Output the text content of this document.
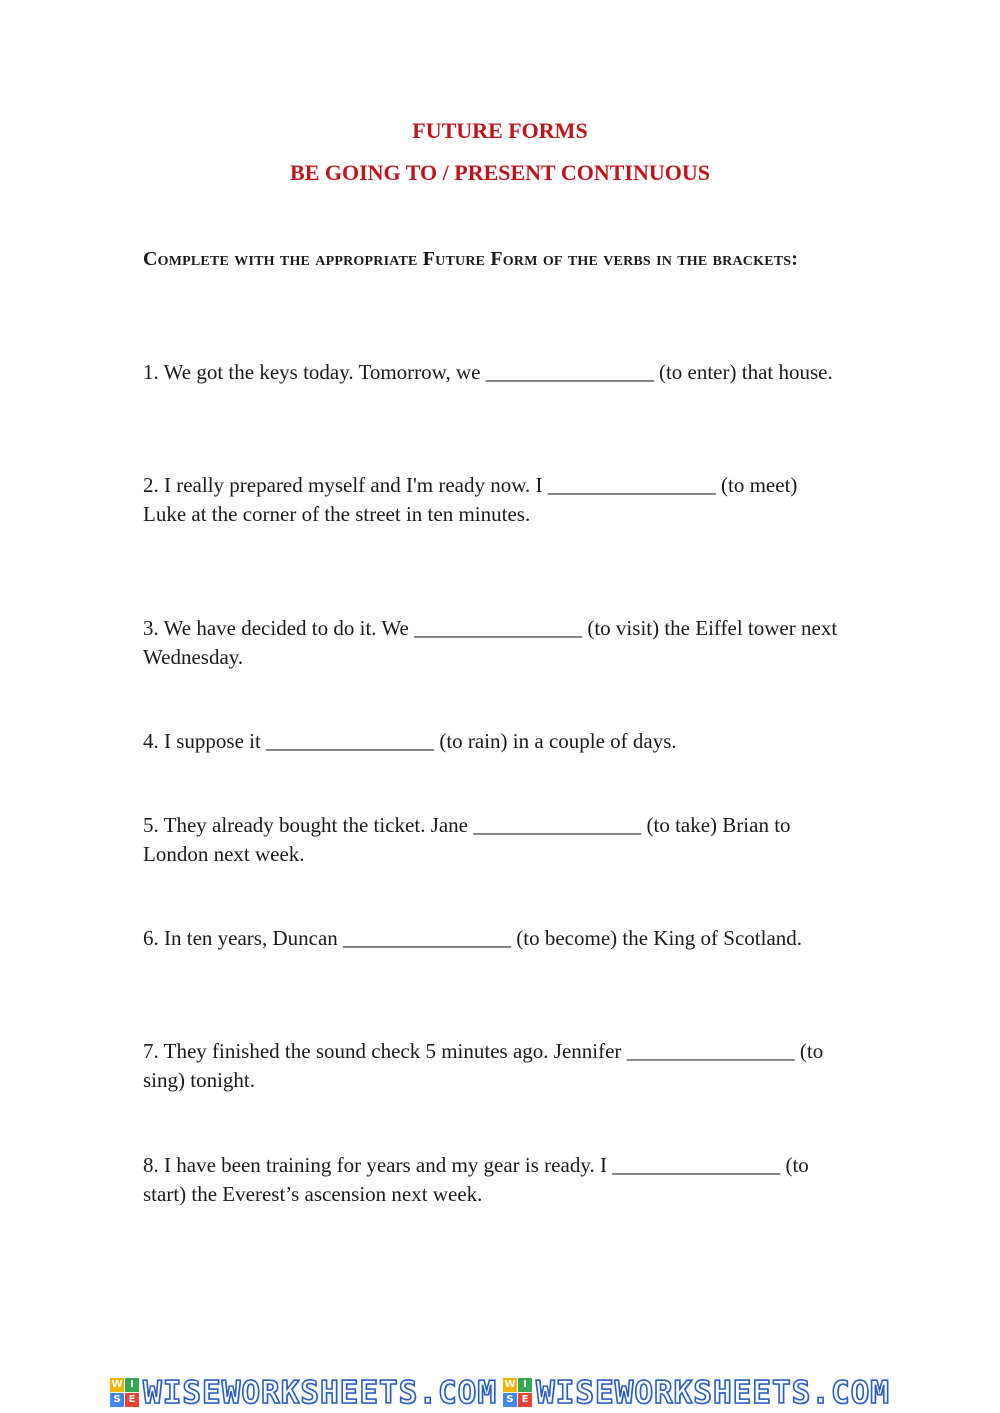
FUTURE FORMS
BE GOING TO / PRESENT CONTINUOUS
Complete with the appropriate Future Form of the verbs in the brackets:

1. We got the keys today. Tomorrow, we ________________ (to enter) that house.

2. I really prepared myself and I'm ready now. I ________________ (to meet) Luke at the corner of the street in ten minutes.

3. We have decided to do it. We ________________ (to visit) the Eiffel tower next Wednesday.

4. I suppose it ________________ (to rain) in a couple of days.

5. They already bought the ticket. Jane ________________ (to take) Brian to London next week.

6. In ten years, Duncan ________________ (to become) the King of Scotland.

7. They finished the sound check 5 minutes ago. Jennifer ________________ (to sing) tonight.

8. I have been training for years and my gear is ready. I ________________ (to start) the Everest’s ascension next week.

W I
S E WISEWORKSHEETS.COM W I
S E WISEWORKSHEETS.COM
